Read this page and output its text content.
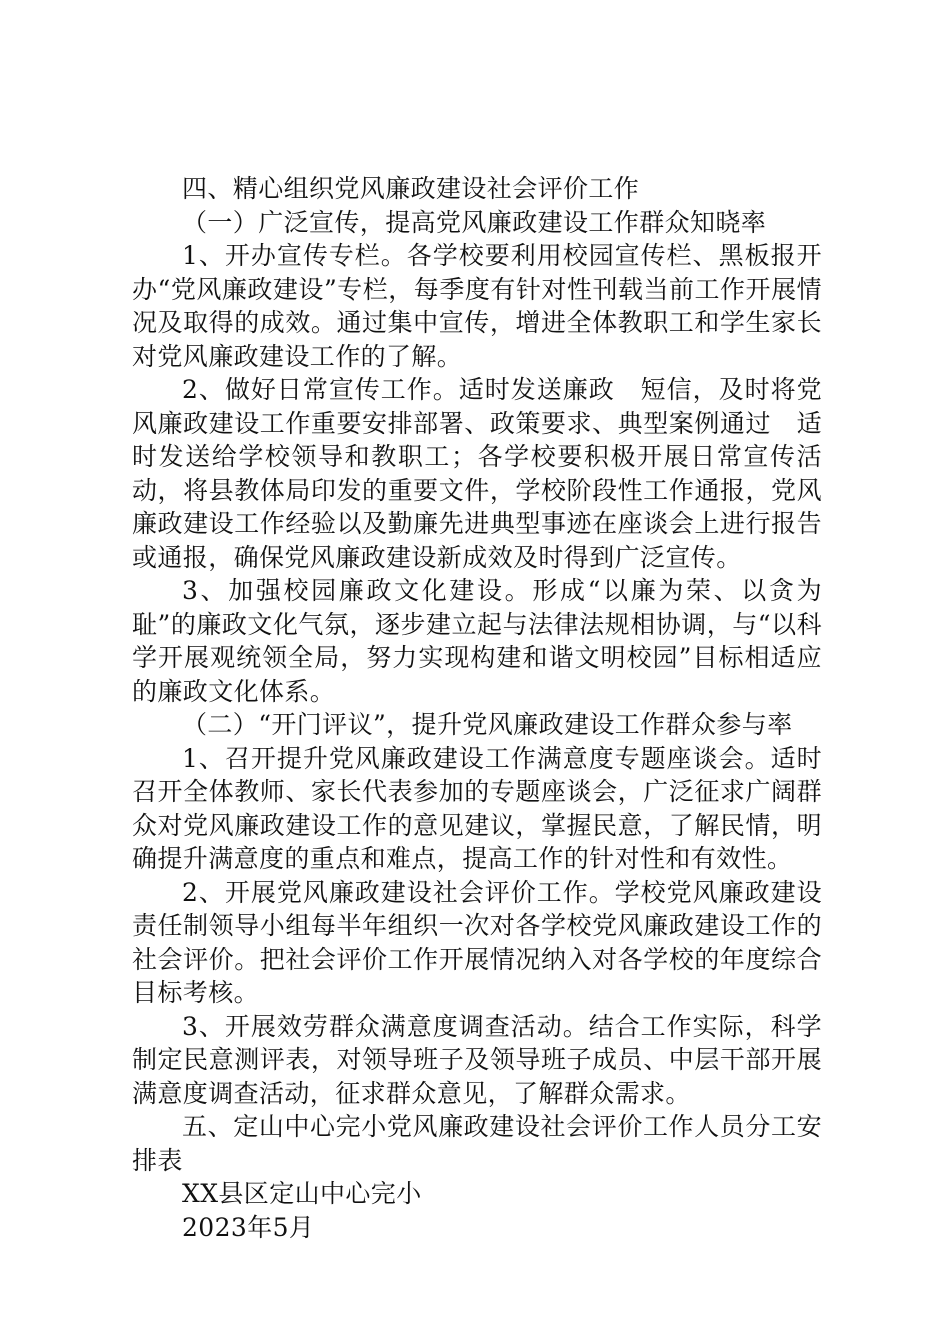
四、精心组织党风廉政建设社会评价工作

（一）广泛宣传，提高党风廉政建设工作群众知晓率

1、开办宣传专栏。各学校要利用校园宣传栏、黑板报开办“党风廉政建设”专栏，每季度有针对性刊载当前工作开展情况及取得的成效。通过集中宣传，增进全体教职工和学生家长对党风廉政建设工作的了解。

2、做好日常宣传工作。适时发送廉政　短信，及时将党风廉政建设工作重要安排部署、政策要求、典型案例通过　适时发送给学校领导和教职工；各学校要积极开展日常宣传活动，将县教体局印发的重要文件，学校阶段性工作通报，党风廉政建设工作经验以及勤廉先进典型事迹在座谈会上进行报告或通报，确保党风廉政建设新成效及时得到广泛宣传。

3、加强校园廉政文化建设。形成“以廉为荣、以贪为耻”的廉政文化气氛，逐步建立起与法律法规相协调，与“以科学开展观统领全局，努力实现构建和谐文明校园”目标相适应的廉政文化体系。

（二）“开门评议”，提升党风廉政建设工作群众参与率

1、召开提升党风廉政建设工作满意度专题座谈会。适时召开全体教师、家长代表参加的专题座谈会，广泛征求广阔群众对党风廉政建设工作的意见建议，掌握民意，了解民情，明确提升满意度的重点和难点，提高工作的针对性和有效性。

2、开展党风廉政建设社会评价工作。学校党风廉政建设责任制领导小组每半年组织一次对各学校党风廉政建设工作的社会评价。把社会评价工作开展情况纳入对各学校的年度综合目标考核。

3、开展效劳群众满意度调查活动。结合工作实际，科学制定民意测评表，对领导班子及领导班子成员、中层干部开展满意度调查活动，征求群众意见，了解群众需求。

五、定山中心完小党风廉政建设社会评价工作人员分工安排表

XX县区定山中心完小

2023年5月
